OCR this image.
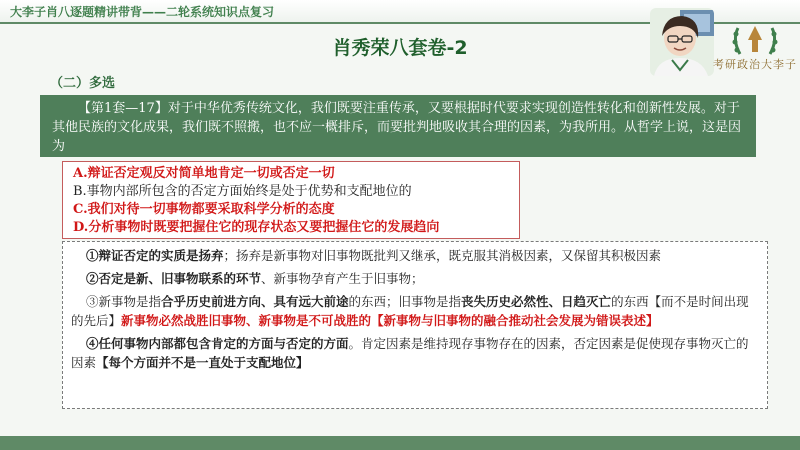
大李子肖八逐题精讲带背——二轮系统知识点复习
肖秀荣八套卷-2
考研政治大李子
（二）多选
【第1套—17】对于中华优秀传统文化，我们既要注重传承，又要根据时代要求实现创造性转化和创新性发展。对于其他民族的文化成果，我们既不照搬，也不应一概排斥，而要批判地吸收其合理的因素，为我所用。从哲学上说，这是因为
A.辩证否定观反对简单地肯定一切或否定一切
B.事物内部所包含的否定方面始终是处于优势和支配地位的
C.我们对待一切事物都要采取科学分析的态度
D.分析事物时既要把握住它的现存状态又要把握住它的发展趋向

①辩证否定的实质是扬弃；扬弃是新事物对旧事物既批判又继承，既克服其消极因素，又保留其积极因素

②否定是新、旧事物联系的环节、新事物孕育产生于旧事物；

③新事物是指合乎历史前进方向、具有远大前途的东西；旧事物是指丧失历史必然性、日趋灭亡的东西【而不是时间出现的先后】新事物必然战胜旧事物、新事物是不可战胜的【新事物与旧事物的融合推动社会发展为错误表述】

④任何事物内部都包含肯定的方面与否定的方面。肯定因素是维持现存事物存在的因素，否定因素是促使现存事物灭亡的因素【每个方面并不是一直处于支配地位】
